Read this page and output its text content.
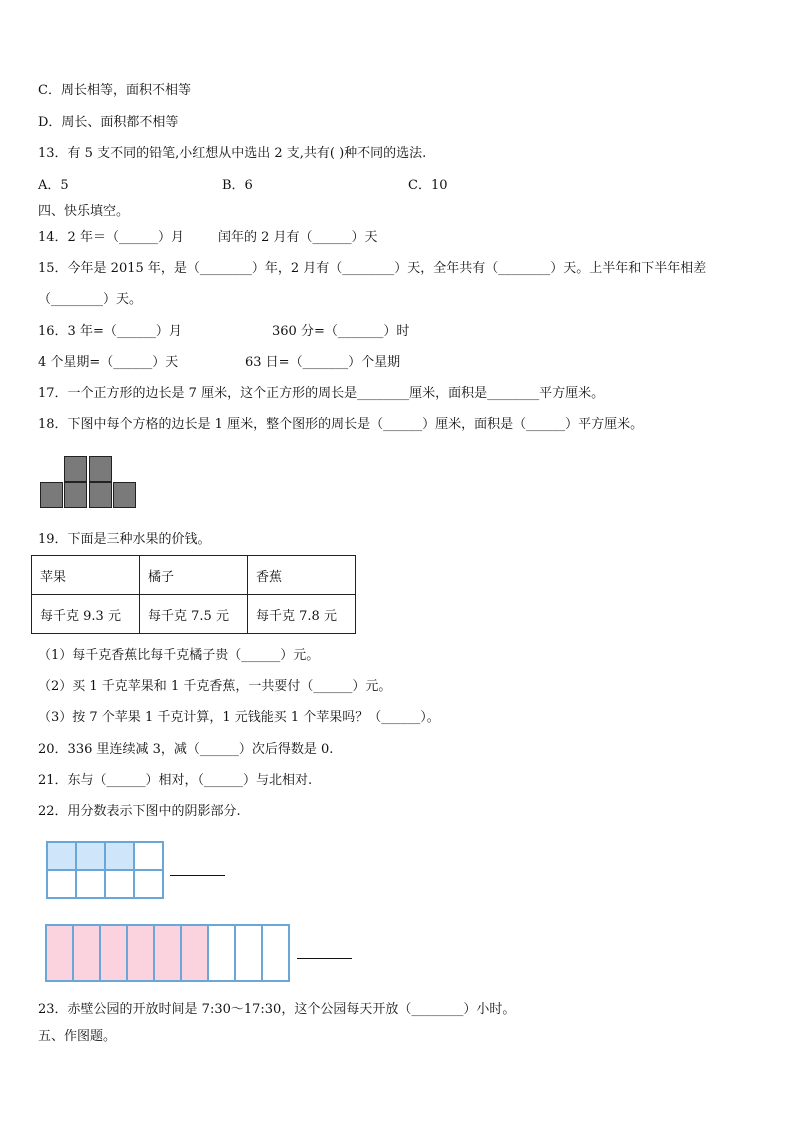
C．周长相等，面积不相等
D．周长、面积都不相等
13．有 5 支不同的铅笔,小红想从中选出 2 支,共有( )种不同的选法.
A．5	B．6	C．10
四、快乐填空。
14．2 年＝（______）月	闰年的 2 月有（______）天
15．今年是 2015 年，是（________）年，2 月有（________）天，全年共有（________）天。上半年和下半年相差
（________）天。
16．3 年=（______）月	360 分=（_______）时
4 个星期=（______）天	63 日=（_______）个星期
17．一个正方形的边长是 7 厘米，这个正方形的周长是________厘米，面积是________平方厘米。
18．下图中每个方格的边长是 1 厘米，整个图形的周长是（______）厘米，面积是（______）平方厘米。
19．下面是三种水果的价钱。
苹果	橘子	香蕉
每千克 9.3 元	每千克 7.5 元	每千克 7.8 元
（1）每千克香蕉比每千克橘子贵（______）元。
（2）买 1 千克苹果和 1 千克香蕉，一共要付（______）元。
（3）按 7 个苹果 1 千克计算，1 元钱能买 1 个苹果吗？（______）。
20．336 里连续减 3，减（______）次后得数是 0.
21．东与（______）相对，（______）与北相对.
22．用分数表示下图中的阴影部分.
23．赤壁公园的开放时间是 7:30～17:30，这个公园每天开放（________）小时。
五、作图题。
